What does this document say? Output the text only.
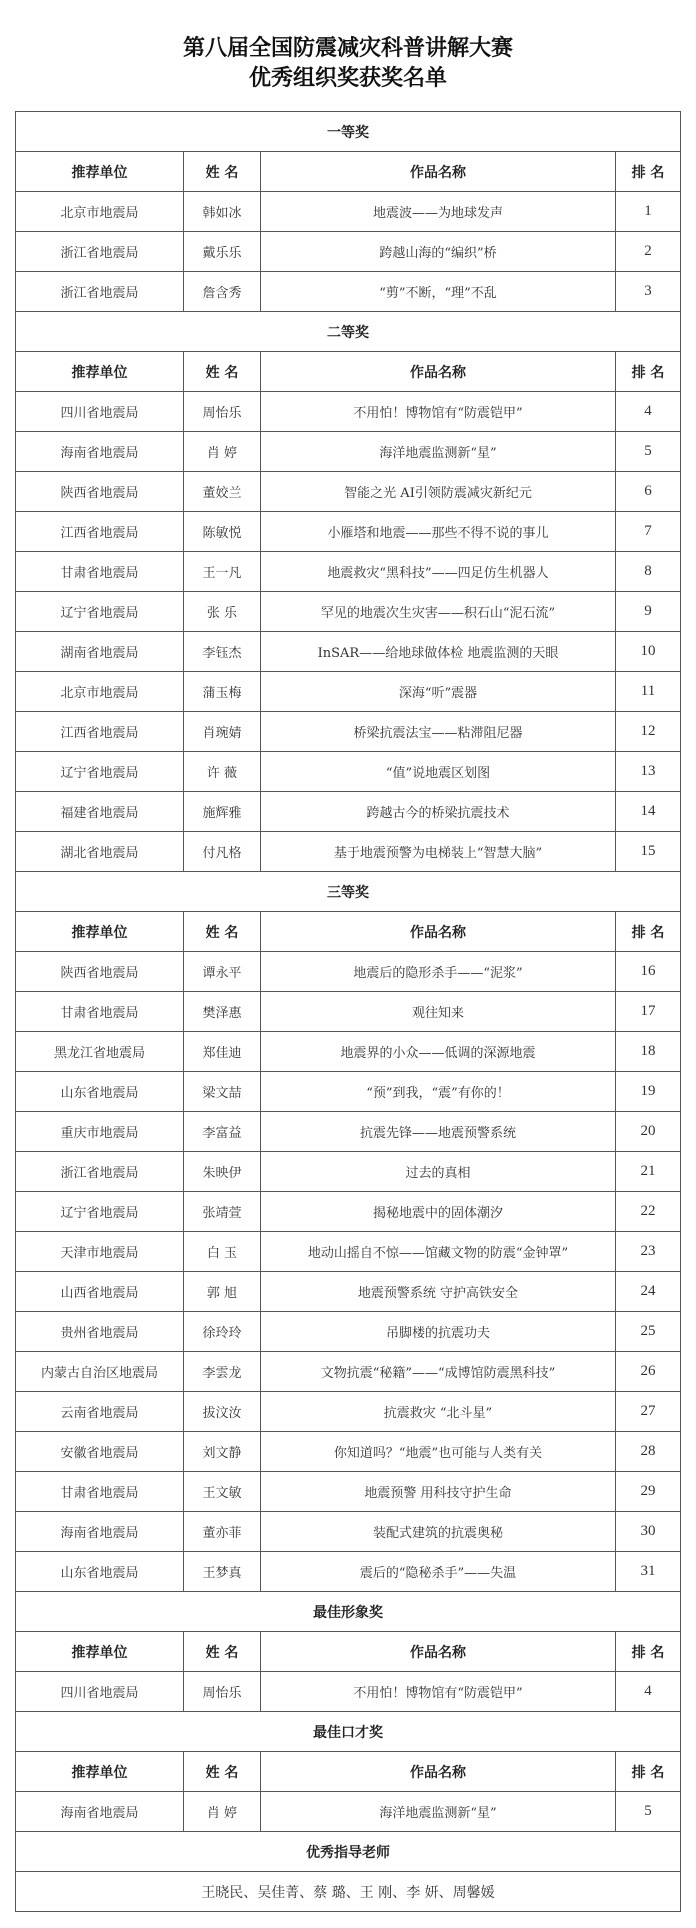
第八届全国防震减灾科普讲解大赛
优秀组织奖获奖名单
一等奖			
推荐单位	姓 名	作品名称	排 名
北京市地震局	韩如冰	地震波——为地球发声	1
浙江省地震局	戴乐乐	跨越山海的“编织”桥	2
浙江省地震局	詹含秀	“剪”不断，“理”不乱	3
二等奖			
推荐单位	姓 名	作品名称	排 名
四川省地震局	周怡乐	不用怕！博物馆有“防震铠甲”	4
海南省地震局	肖 婷	海洋地震监测新“星”	5
陕西省地震局	董姣兰	智能之光 AI引领防震减灾新纪元	6
江西省地震局	陈敏悦	小雁塔和地震——那些不得不说的事儿	7
甘肃省地震局	王一凡	地震救灾“黑科技”——四足仿生机器人	8
辽宁省地震局	张 乐	罕见的地震次生灾害——积石山“泥石流”	9
湖南省地震局	李钰杰	InSAR——给地球做体检 地震监测的天眼	10
北京市地震局	蒲玉梅	深海“听”震器	11
江西省地震局	肖琬婧	桥梁抗震法宝——粘滞阻尼器	12
辽宁省地震局	许 薇	“值”说地震区划图	13
福建省地震局	施辉雅	跨越古今的桥梁抗震技术	14
湖北省地震局	付凡格	基于地震预警为电梯装上“智慧大脑”	15
三等奖			
推荐单位	姓 名	作品名称	排 名
陕西省地震局	谭永平	地震后的隐形杀手——“泥浆”	16
甘肃省地震局	樊泽惠	观往知来	17
黑龙江省地震局	郑佳迪	地震界的小众——低调的深源地震	18
山东省地震局	梁文喆	“预”到我，“震”有你的！	19
重庆市地震局	李富益	抗震先锋——地震预警系统	20
浙江省地震局	朱映伊	过去的真相	21
辽宁省地震局	张靖萱	揭秘地震中的固体潮汐	22
天津市地震局	白 玉	地动山摇自不惊——馆藏文物的防震“金钟罩”	23
山西省地震局	郭 旭	地震预警系统 守护高铁安全	24
贵州省地震局	徐玲玲	吊脚楼的抗震功夫	25
内蒙古自治区地震局	李雲龙	文物抗震“秘籍”——“成博馆防震黑科技”	26
云南省地震局	拔汶汝	抗震救灾 “北斗星”	27
安徽省地震局	刘文静	你知道吗？“地震”也可能与人类有关	28
甘肃省地震局	王文敏	地震预警 用科技守护生命	29
海南省地震局	董亦菲	装配式建筑的抗震奥秘	30
山东省地震局	王梦真	震后的“隐秘杀手”——失温	31
最佳形象奖			
推荐单位	姓 名	作品名称	排 名
四川省地震局	周怡乐	不用怕！博物馆有“防震铠甲”	4
最佳口才奖			
推荐单位	姓 名	作品名称	排 名
海南省地震局	肖 婷	海洋地震监测新“星”	5
优秀指导老师			
王晓民、吴佳菁、蔡 璐、王 刚、李 妍、周馨媛			
